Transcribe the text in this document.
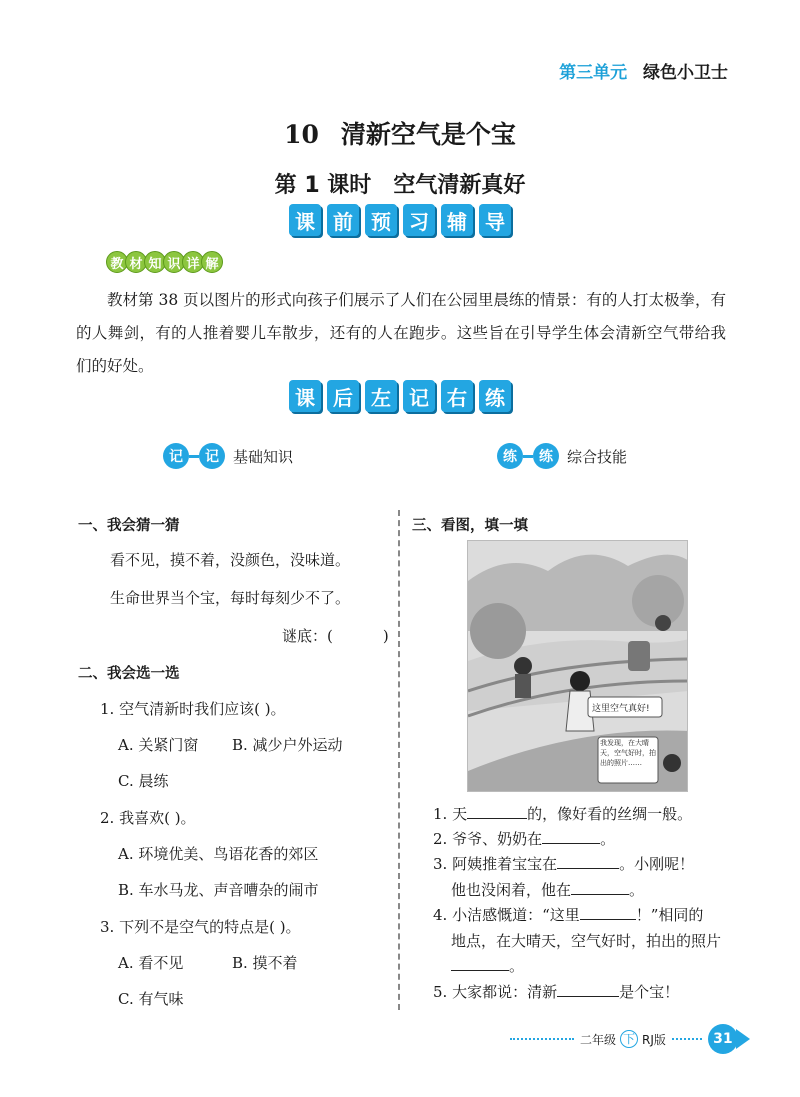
第三单元 绿色小卫士
10 清新空气是个宝
第 1 课时 空气清新真好
课 前 预 习 辅 导
教 材 知 识 详 解

教材第 38 页以图片的形式向孩子们展示了人们在公园里晨练的情景：有的人打太极拳，有的人舞剑，有的人推着婴儿车散步，还有的人在跑步。这些旨在引导学生体会清新空气带给我们的好处。

课 后 左 记 右 练
记	记 基础知识	练	练 综合技能
一、我会猜一猜
看不见，摸不着，没颜色，没味道。
生命世界当个宝，每时每刻少不了。
谜底：(	)
二、我会选一选
1. 空气清新时我们应该( )。
A. 关紧门窗 B. 减少户外运动
C. 晨练
2. 我喜欢( )。
A. 环境优美、鸟语花香的郊区
B. 车水马龙、声音嘈杂的闹市
3. 下列不是空气的特点是( )。
A. 看不见	B. 摸不着
C. 有气味
三、看图，填一填
这里空气真好!
我发现，在大晴天，空气好时，拍出的照片……
1. 天	的，像好看的丝绸一般。
2. 爷爷、奶奶在	。
3. 阿姨推着宝宝在	。小刚呢！
他也没闲着，他在	。
4. 小洁感慨道：“这里	！”相同的
地点，在大晴天，空气好时，拍出的照片
。
5. 大家都说：清新	是个宝！
二年级 下 RJ版	31
